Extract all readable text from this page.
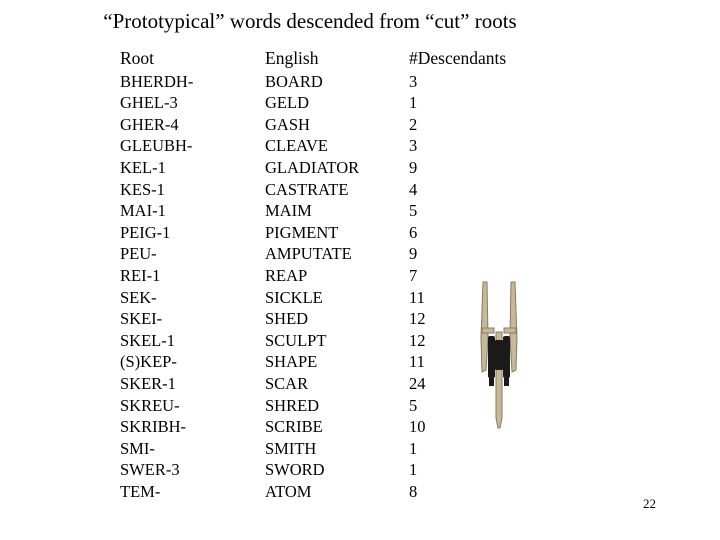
“Prototypical” words descended from “cut” roots
Root
BHERDH-
GHEL-3
GHER-4
GLEUBH-
KEL-1
KES-1
MAI-1
PEIG-1
PEU-
REI-1
SEK-
SKEI-
SKEL-1
(S)KEP-
SKER-1
SKREU-
SKRIBH-
SMI-
SWER-3
TEM-
English
BOARD
GELD
GASH
CLEAVE
GLADIATOR
CASTRATE
MAIM
PIGMENT
AMPUTATE
REAP
SICKLE
SHED
SCULPT
SHAPE
SCAR
SHRED
SCRIBE
SMITH
SWORD
ATOM
#Descendants
3
1
2
3
9
4
5
6
9
7
11
12
12
11
24
5
10
1
1
8
22
